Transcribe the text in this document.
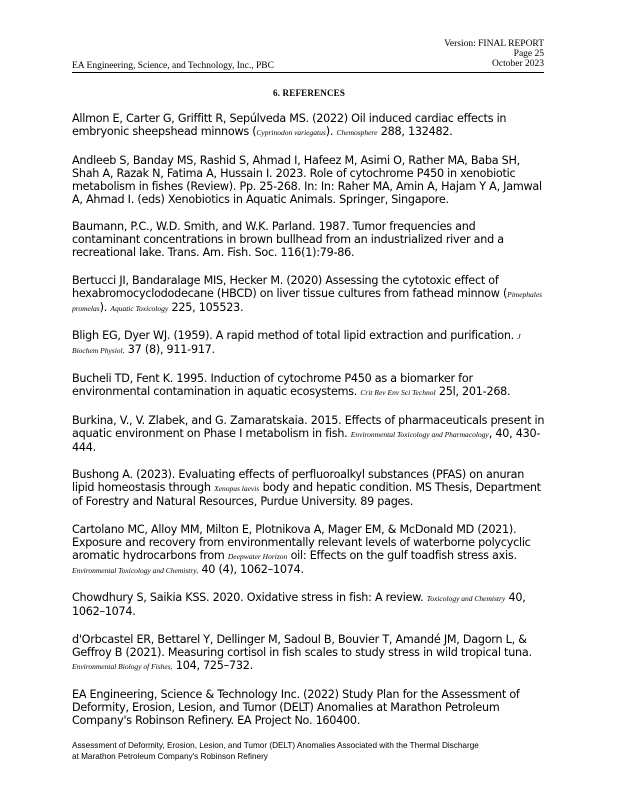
Version: FINAL REPORT
Page 25
October 2023
EA Engineering, Science, and Technology, Inc., PBC
6. REFERENCES

Allmon E, Carter G, Griffitt R, Sepúlveda MS. (2022) Oil induced cardiac effects in embryonic sheepshead minnows (Cyprinodon variegatus). Chemosphere 288, 132482.

Andleeb S, Banday MS, Rashid S, Ahmad I, Hafeez M, Asimi O, Rather MA, Baba SH, Shah A, Razak N, Fatima A, Hussain I. 2023. Role of cytochrome P450 in xenobiotic metabolism in fishes (Review). Pp. 25-268. In: In: Raher MA, Amin A, Hajam Y A, Jamwal A, Ahmad I. (eds) Xenobiotics in Aquatic Animals. Springer, Singapore.

Baumann, P.C., W.D. Smith, and W.K. Parland. 1987. Tumor frequencies and contaminant concentrations in brown bullhead from an industrialized river and a recreational lake. Trans. Am. Fish. Soc. 116(1):79-86.

Bertucci JI, Bandaralage MIS, Hecker M. (2020) Assessing the cytotoxic effect of hexabromocyclododecane (HBCD) on liver tissue cultures from fathead minnow (Pimephales promelas). Aquatic Toxicology 225, 105523.

Bligh EG, Dyer WJ. (1959). A rapid method of total lipid extraction and purification. J Biochem Physiol, 37 (8), 911-917.

Bucheli TD, Fent K. 1995. Induction of cytochrome P450 as a biomarker for environmental contamination in aquatic ecosystems. Crit Rev Env Sci Technol 25l, 201-268.

Burkina, V., V. Zlabek, and G. Zamaratskaia. 2015. Effects of pharmaceuticals present in aquatic environment on Phase I metabolism in fish. Environmental Toxicology and Pharmacology, 40, 430-444.

Bushong A. (2023). Evaluating effects of perfluoroalkyl substances (PFAS) on anuran lipid homeostasis through Xenopus laevis body and hepatic condition. MS Thesis, Department of Forestry and Natural Resources, Purdue University. 89 pages.

Cartolano MC, Alloy MM, Milton E, Plotnikova A, Mager EM, & McDonald MD (2021). Exposure and recovery from environmentally relevant levels of waterborne polycyclic aromatic hydrocarbons from Deepwater Horizon oil: Effects on the gulf toadfish stress axis. Environmental Toxicology and Chemistry, 40 (4), 1062–1074.

Chowdhury S, Saikia KSS. 2020. Oxidative stress in fish: A review. Toxicology and Chemistry 40, 1062–1074.

d'Orbcastel ER, Bettarel Y, Dellinger M, Sadoul B, Bouvier T, Amandé JM, Dagorn L, & Geffroy B (2021). Measuring cortisol in fish scales to study stress in wild tropical tuna. Environmental Biology of Fishes, 104, 725–732.

EA Engineering, Science & Technology Inc. (2022) Study Plan for the Assessment of Deformity, Erosion, Lesion, and Tumor (DELT) Anomalies at Marathon Petroleum Company's Robinson Refinery. EA Project No. 160400.

Assessment of Deformity, Erosion, Lesion, and Tumor (DELT) Anomalies Associated with the Thermal Discharge
at Marathon Petroleum Company's Robinson Refinery
